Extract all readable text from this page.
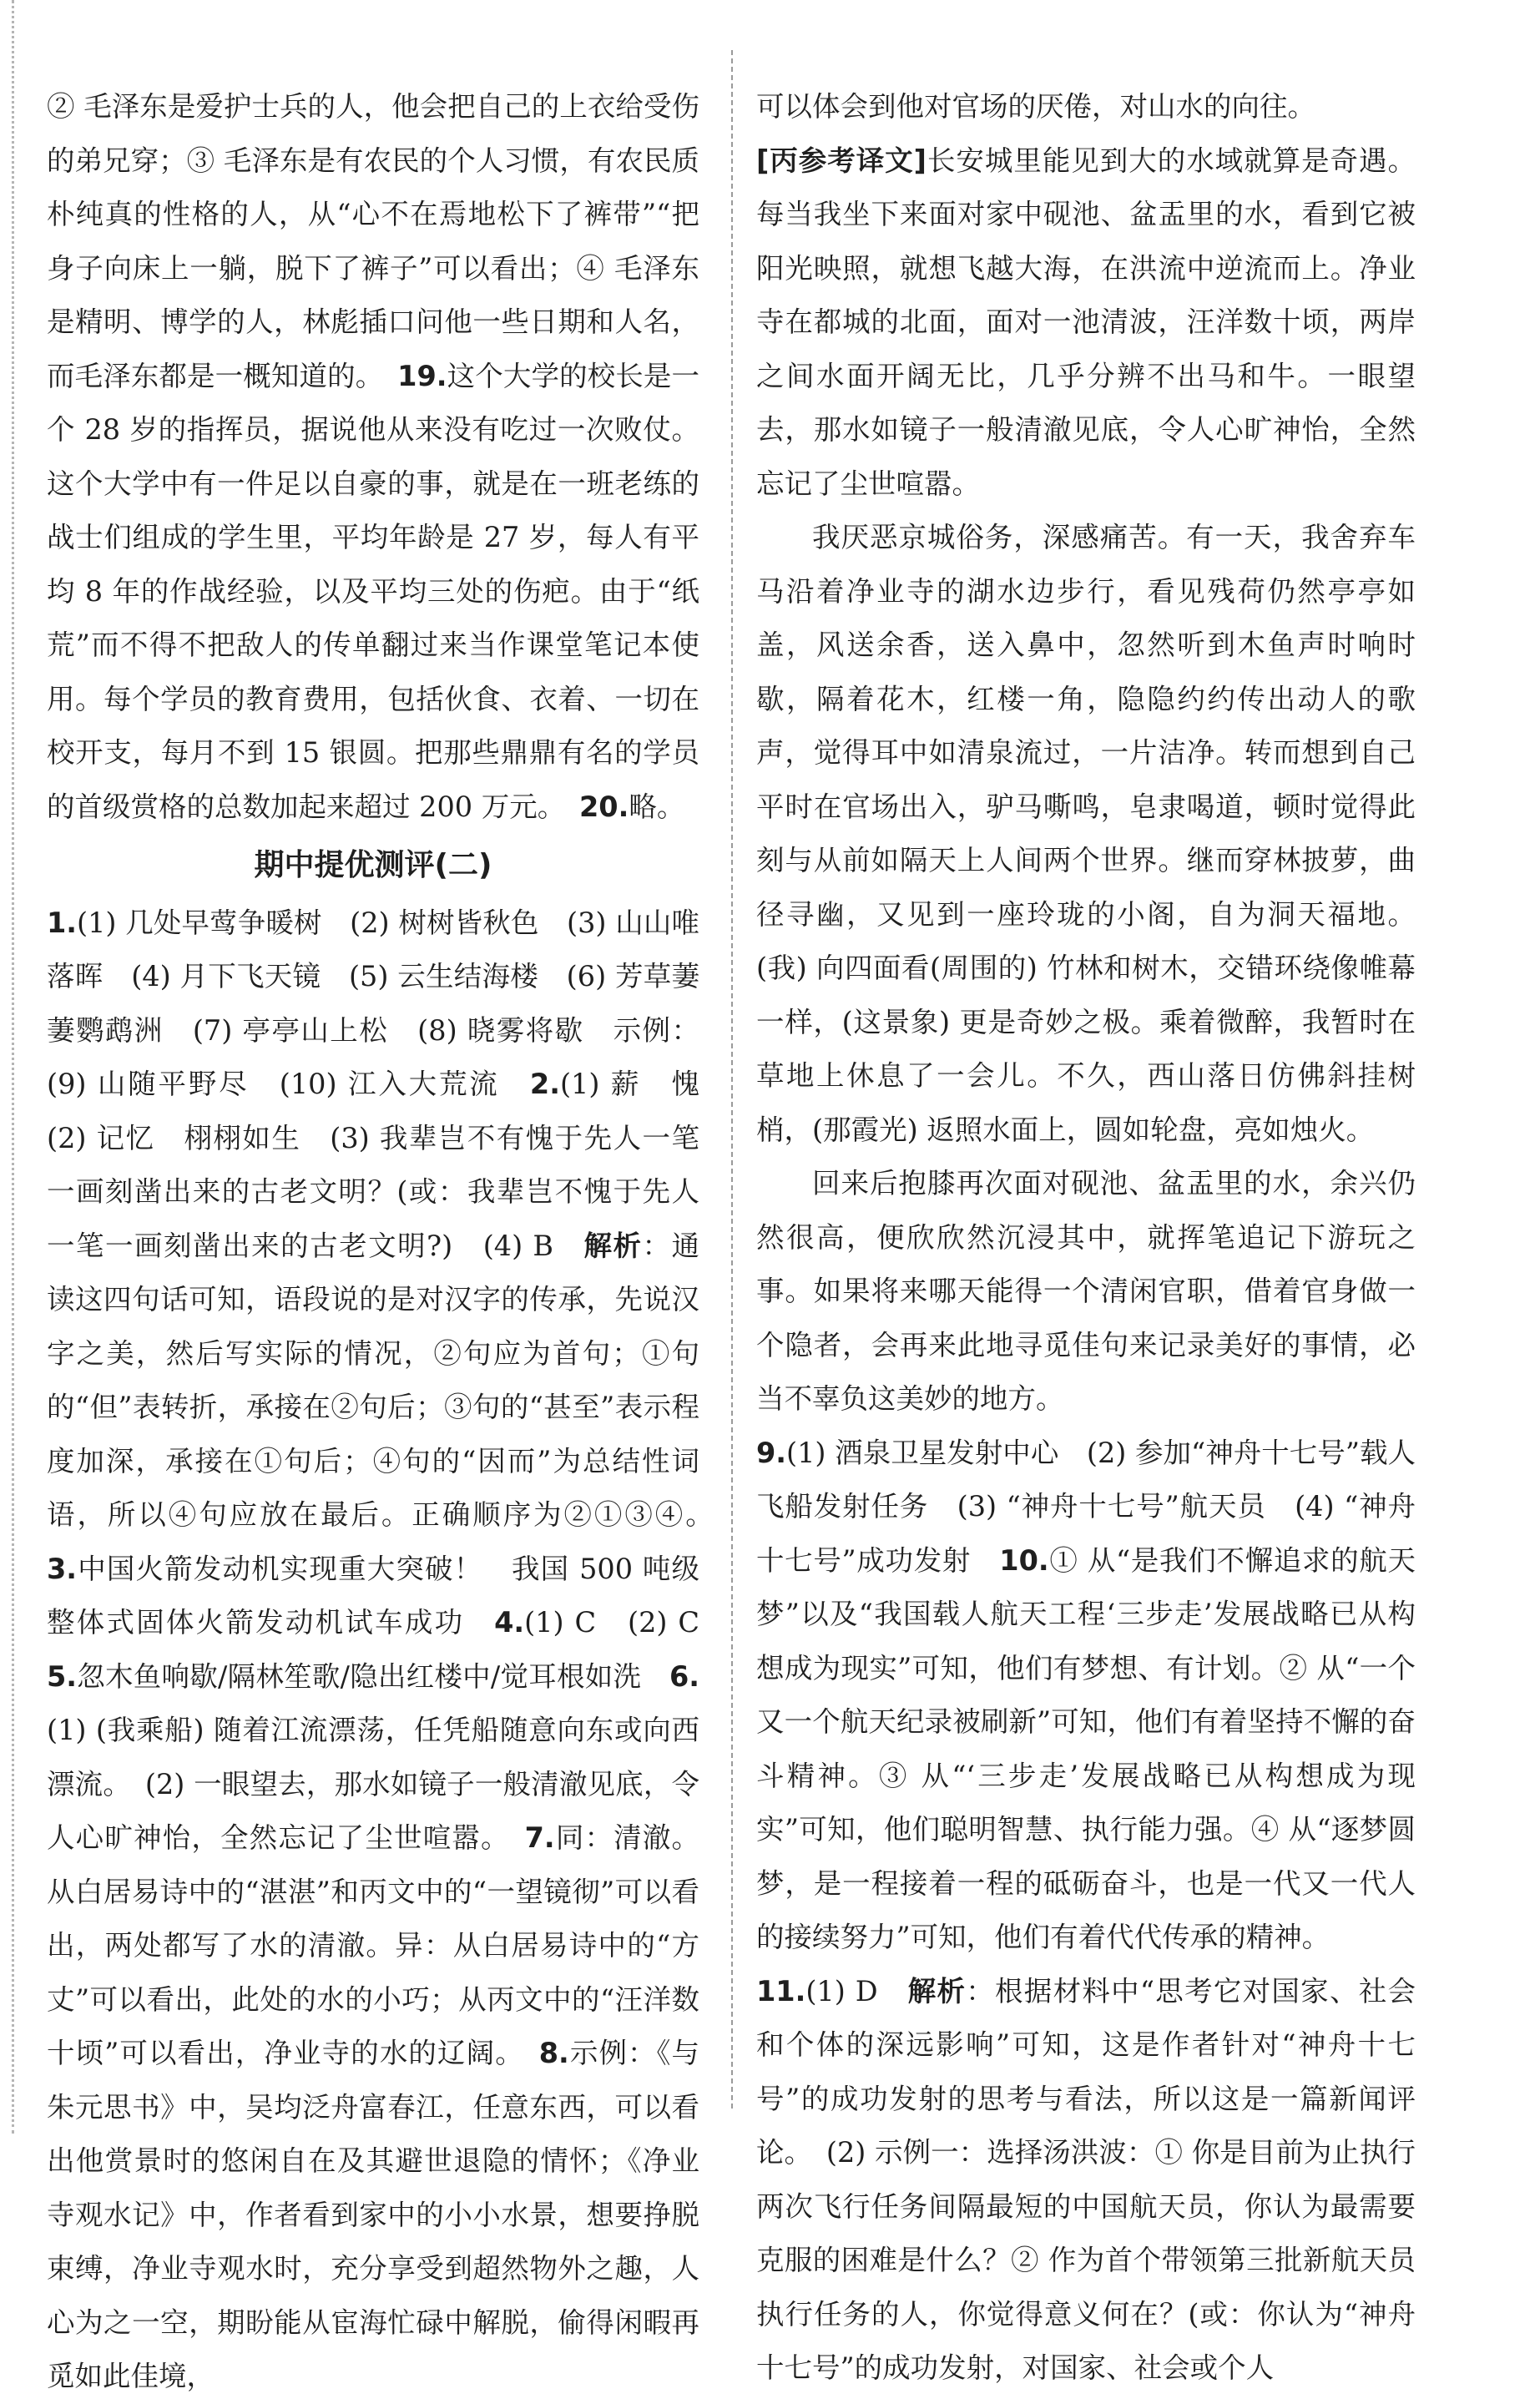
② 毛泽东是爱护士兵的人，他会把自己的上衣给受伤的弟兄穿；③ 毛泽东是有农民的个人习惯，有农民质朴纯真的性格的人，从“心不在焉地松下了裤带”“把身子向床上一躺，脱下了裤子”可以看出；④ 毛泽东是精明、博学的人，林彪插口问他一些日期和人名，而毛泽东都是一概知道的。　 19.这个大学的校长是一个 28 岁的指挥员，据说他从来没有吃过一次败仗。这个大学中有一件足以自豪的事，就是在一班老练的战士们组成的学生里，平均年龄是 27 岁，每人有平均 8 年的作战经验，以及平均三处的伤疤。由于“纸荒”而不得不把敌人的传单翻过来当作课堂笔记本使用。每个学员的教育费用，包括伙食、衣着、一切在校开支，每月不到 15 银圆。把那些鼎鼎有名的学员的首级赏格的总数加起来超过 200 万元。　 20.略。

期中提优测评(二)

1.(1) 几处早莺争暖树　(2) 树树皆秋色　(3) 山山唯落晖　(4) 月下飞天镜　(5) 云生结海楼　(6) 芳草萋萋鹦鹉洲　(7) 亭亭山上松　(8) 晓雾将歇　示例：(9) 山随平野尽　(10) 江入大荒流　 2.(1) 薪　愧　(2) 记忆　栩栩如生　(3) 我辈岂不有愧于先人一笔一画刻凿出来的古老文明？(或：我辈岂不愧于先人一笔一画刻凿出来的古老文明?)　(4) B　 解析：通读这四句话可知，语段说的是对汉字的传承，先说汉字之美，然后写实际的情况，②句应为首句；①句的“但”表转折，承接在②句后；③句的“甚至”表示程度加深，承接在①句后；④句的“因而”为总结性词语，所以④句应放在最后。正确顺序为②①③④。　3.中国火箭发动机实现重大突破！　我国 500 吨级整体式固体火箭发动机试车成功　 4.(1) C　(2) C　5.忽木鱼响歇/隔林笙歌/隐出红楼中/觉耳根如洗　 6.(1) (我乘船) 随着江流漂荡，任凭船随意向东或向西漂流。　(2) 一眼望去，那水如镜子一般清澈见底，令人心旷神怡，全然忘记了尘世喧嚣。　 7.同：清澈。从白居易诗中的“湛湛”和丙文中的“一望镜彻”可以看出，两处都写了水的清澈。异：从白居易诗中的“方丈”可以看出，此处的水的小巧；从丙文中的“汪洋数十顷”可以看出，净业寺的水的辽阔。　 8.示例：《与朱元思书》中，吴均泛舟富春江，任意东西，可以看出他赏景时的悠闲自在及其避世退隐的情怀；《净业寺观水记》中，作者看到家中的小小水景，想要挣脱束缚，净业寺观水时，充分享受到超然物外之趣，人心为之一空，期盼能从宦海忙碌中解脱，偷得闲暇再觅如此佳境，

可以体会到他对官场的厌倦，对山水的向往。

[丙参考译文]长安城里能见到大的水域就算是奇遇。每当我坐下来面对家中砚池、盆盂里的水，看到它被阳光映照，就想飞越大海，在洪流中逆流而上。净业寺在都城的北面，面对一池清波，汪洋数十顷，两岸之间水面开阔无比，几乎分辨不出马和牛。一眼望去，那水如镜子一般清澈见底，令人心旷神怡，全然忘记了尘世喧嚣。

我厌恶京城俗务，深感痛苦。有一天，我舍弃车马沿着净业寺的湖水边步行，看见残荷仍然亭亭如盖，风送余香，送入鼻中，忽然听到木鱼声时响时歇，隔着花木，红楼一角，隐隐约约传出动人的歌声，觉得耳中如清泉流过，一片洁净。转而想到自己平时在官场出入，驴马嘶鸣，皂隶喝道，顿时觉得此刻与从前如隔天上人间两个世界。继而穿林披萝，曲径寻幽，又见到一座玲珑的小阁，自为洞天福地。(我) 向四面看(周围的) 竹林和树木，交错环绕像帷幕一样，(这景象) 更是奇妙之极。乘着微醉，我暂时在草地上休息了一会儿。不久，西山落日仿佛斜挂树梢，(那霞光) 返照水面上，圆如轮盘，亮如烛火。

回来后抱膝再次面对砚池、盆盂里的水，余兴仍然很高，便欣欣然沉浸其中，就挥笔追记下游玩之事。如果将来哪天能得一个清闲官职，借着官身做一个隐者，会再来此地寻觅佳句来记录美好的事情，必当不辜负这美妙的地方。

9.(1) 酒泉卫星发射中心　(2) 参加“神舟十七号”载人飞船发射任务　(3) “神舟十七号”航天员　(4) “神舟十七号”成功发射　 10.① 从“是我们不懈追求的航天梦”以及“我国载人航天工程‘三步走’发展战略已从构想成为现实”可知，他们有梦想、有计划。② 从“一个又一个航天纪录被刷新”可知，他们有着坚持不懈的奋斗精神。③ 从“‘三步走’发展战略已从构想成为现实”可知，他们聪明智慧、执行能力强。④ 从“逐梦圆梦，是一程接着一程的砥砺奋斗，也是一代又一代人的接续努力”可知，他们有着代代传承的精神。

11.(1) D　 解析：根据材料中“思考它对国家、社会和个体的深远影响”可知，这是作者针对“神舟十七号”的成功发射的思考与看法，所以这是一篇新闻评论。　(2) 示例一：选择汤洪波：① 你是目前为止执行两次飞行任务间隔最短的中国航天员，你认为最需要克服的困难是什么？② 作为首个带领第三批新航天员执行任务的人，你觉得意义何在？(或：你认为“神舟十七号”的成功发射，对国家、社会或个人
